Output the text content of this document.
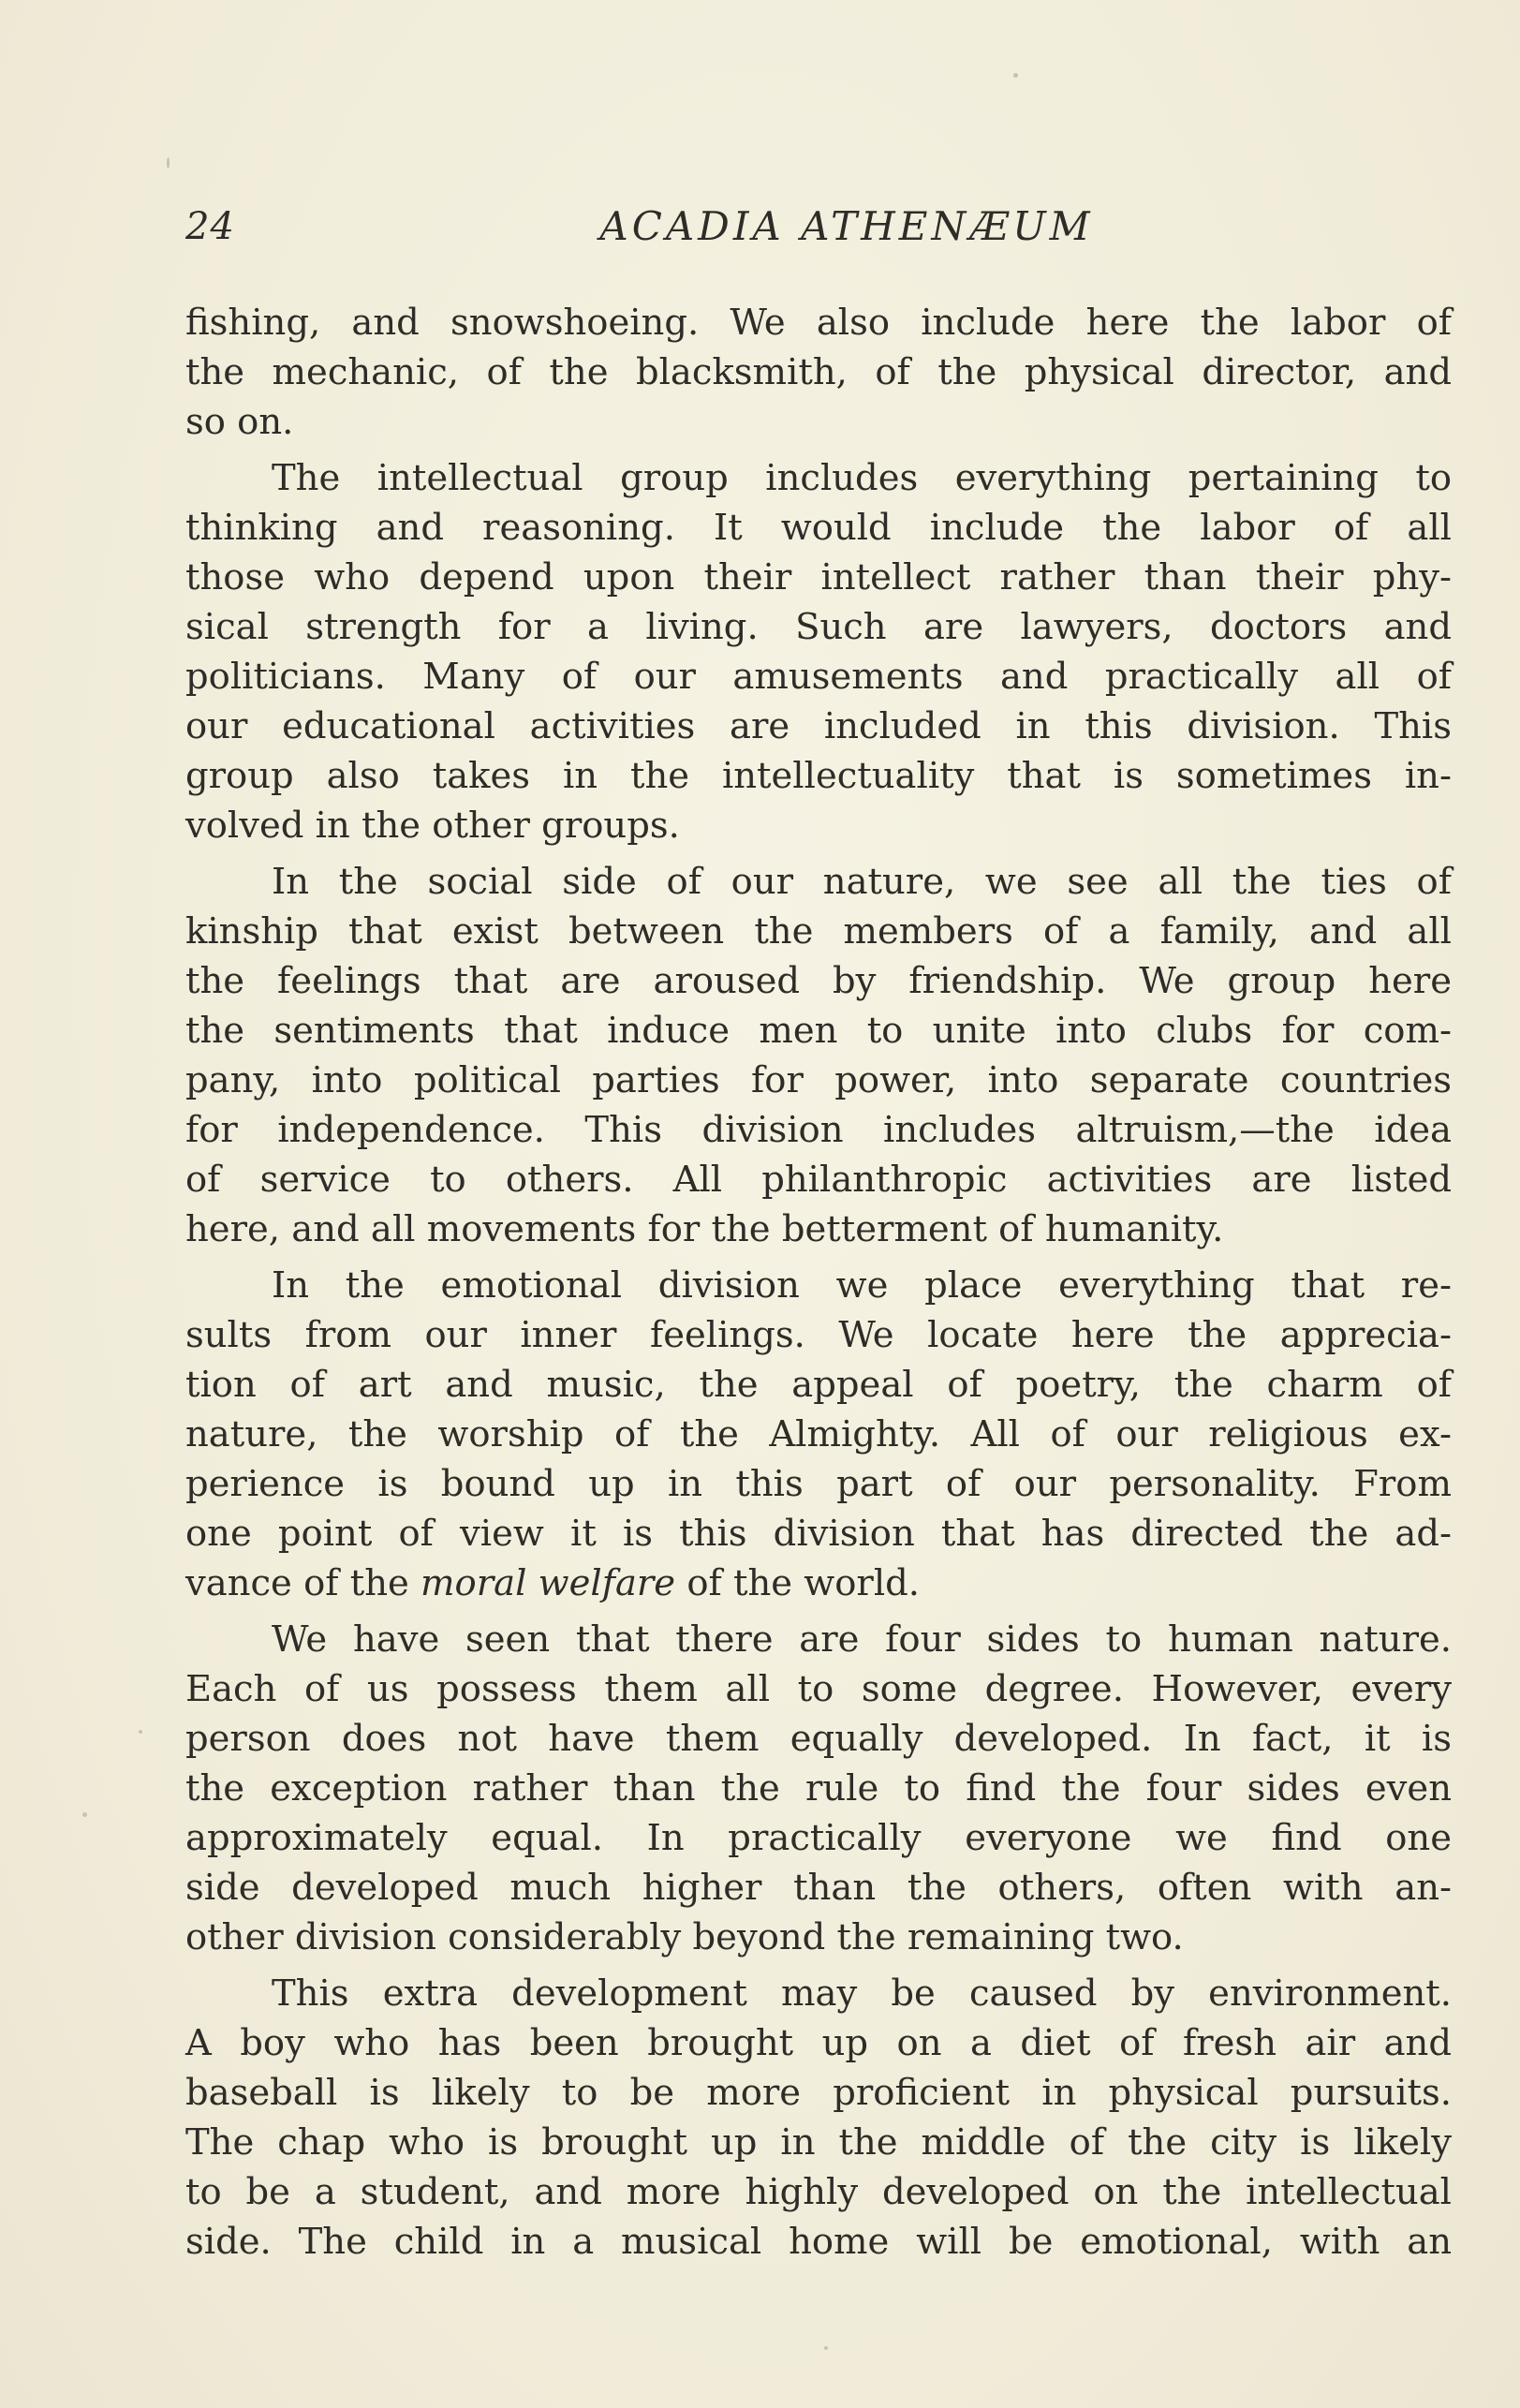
24	ACADIA ATHENÆUM
fishing, and snowshoeing. We also include here the labor of
the mechanic, of the blacksmith, of the physical director, and
so on.
The intellectual group includes everything pertaining to
thinking and reasoning. It would include the labor of all
those who depend upon their intellect rather than their phy-
sical strength for a living. Such are lawyers, doctors and
politicians. Many of our amusements and practically all of
our educational activities are included in this division. This
group also takes in the intellectuality that is sometimes in-
volved in the other groups.
In the social side of our nature, we see all the ties of
kinship that exist between the members of a family, and all
the feelings that are aroused by friendship. We group here
the sentiments that induce men to unite into clubs for com-
pany, into political parties for power, into separate countries
for independence. This division includes altruism,—the idea
of service to others. All philanthropic activities are listed
here, and all movements for the betterment of humanity.
In the emotional division we place everything that re-
sults from our inner feelings. We locate here the apprecia-
tion of art and music, the appeal of poetry, the charm of
nature, the worship of the Almighty. All of our religious ex-
perience is bound up in this part of our personality. From
one point of view it is this division that has directed the ad-
vance of the moral welfare of the world.
We have seen that there are four sides to human nature.
Each of us possess them all to some degree. However, every
person does not have them equally developed. In fact, it is
the exception rather than the rule to find the four sides even
approximately equal. In practically everyone we find one
side developed much higher than the others, often with an-
other division considerably beyond the remaining two.
This extra development may be caused by environment.
A boy who has been brought up on a diet of fresh air and
baseball is likely to be more proficient in physical pursuits.
The chap who is brought up in the middle of the city is likely
to be a student, and more highly developed on the intellectual
side. The child in a musical home will be emotional, with an
